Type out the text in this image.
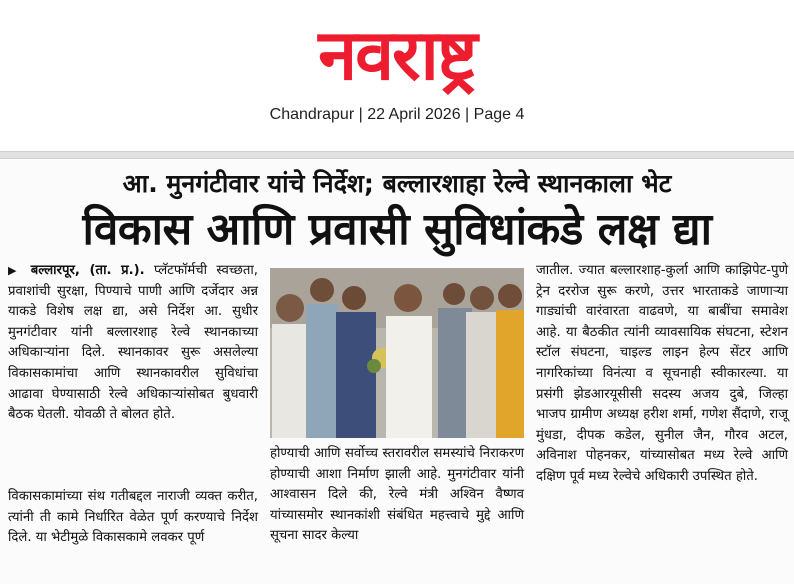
नवराष्ट्र
Chandrapur | 22 April 2026 | Page 4
आ. मुनगंटीवार यांचे निर्देश; बल्लारशाहा रेल्वे स्थानकाला भेट
विकास आणि प्रवासी सुविधांकडे लक्ष द्या

▶ बल्लारपूर, (ता. प्र.). प्लॅटफॉर्मची स्वच्छता, प्रवाशांची सुरक्षा, पिण्याचे पाणी आणि दर्जेदार अन्न याकडे विशेष लक्ष द्या, असे निर्देश आ. सुधीर मुनगंटीवार यांनी बल्लारशाह रेल्वे स्थानकाच्या अधिकाऱ्यांना दिले. स्थानकावर सुरू असलेल्या विकासकामांचा आणि स्थानकावरील सुविधांचा आढावा घेण्यासाठी रेल्वे अधिकाऱ्यांसोबत बुधवारी बैठक घेतली. योवळी ते बोलत होते.

विकासकामांच्या संथ गतीबद्दल नाराजी व्यक्त करीत, त्यांनी ती कामे निर्धारित वेळेत पूर्ण करण्याचे निर्देश दिले. या भेटीमुळे विकासकामे लवकर पूर्ण

होण्याची आणि सर्वोच्च स्तरावरील समस्यांचे निराकरण होण्याची आशा निर्माण झाली आहे. मुनगंटीवार यांनी आश्वासन दिले की, रेल्वे मंत्री अश्विन वैष्णव यांच्यासमोर स्थानकांशी संबंधित महत्त्वाचे मुद्दे आणि सूचना सादर केल्या

जातील. ज्यात बल्लारशाह-कुर्ला आणि काझिपेट-पुणे ट्रेन दररोज सुरू करणे, उत्तर भारताकडे जाणाऱ्या गाड्यांची वारंवारता वाढवणे, या बाबींचा समावेश आहे. या बैठकीत त्यांनी व्यावसायिक संघटना, स्टेशन स्टॉल संघटना, चाइल्ड लाइन हेल्प सेंटर आणि नागरिकांच्या विनंत्या व सूचनाही स्वीकारल्या. या प्रसंगी झेडआरयूसीसी सदस्य अजय दुबे, जिल्हा भाजप ग्रामीण अध्यक्ष हरीश शर्मा, गणेश सैंदाणे, राजू मुंधडा, दीपक कडेल, सुनील जैन, गौरव अटल, अविनाश पोहनकर, यांच्यासोबत मध्य रेल्वे आणि दक्षिण पूर्व मध्य रेल्वेचे अधिकारी उपस्थित होते.
